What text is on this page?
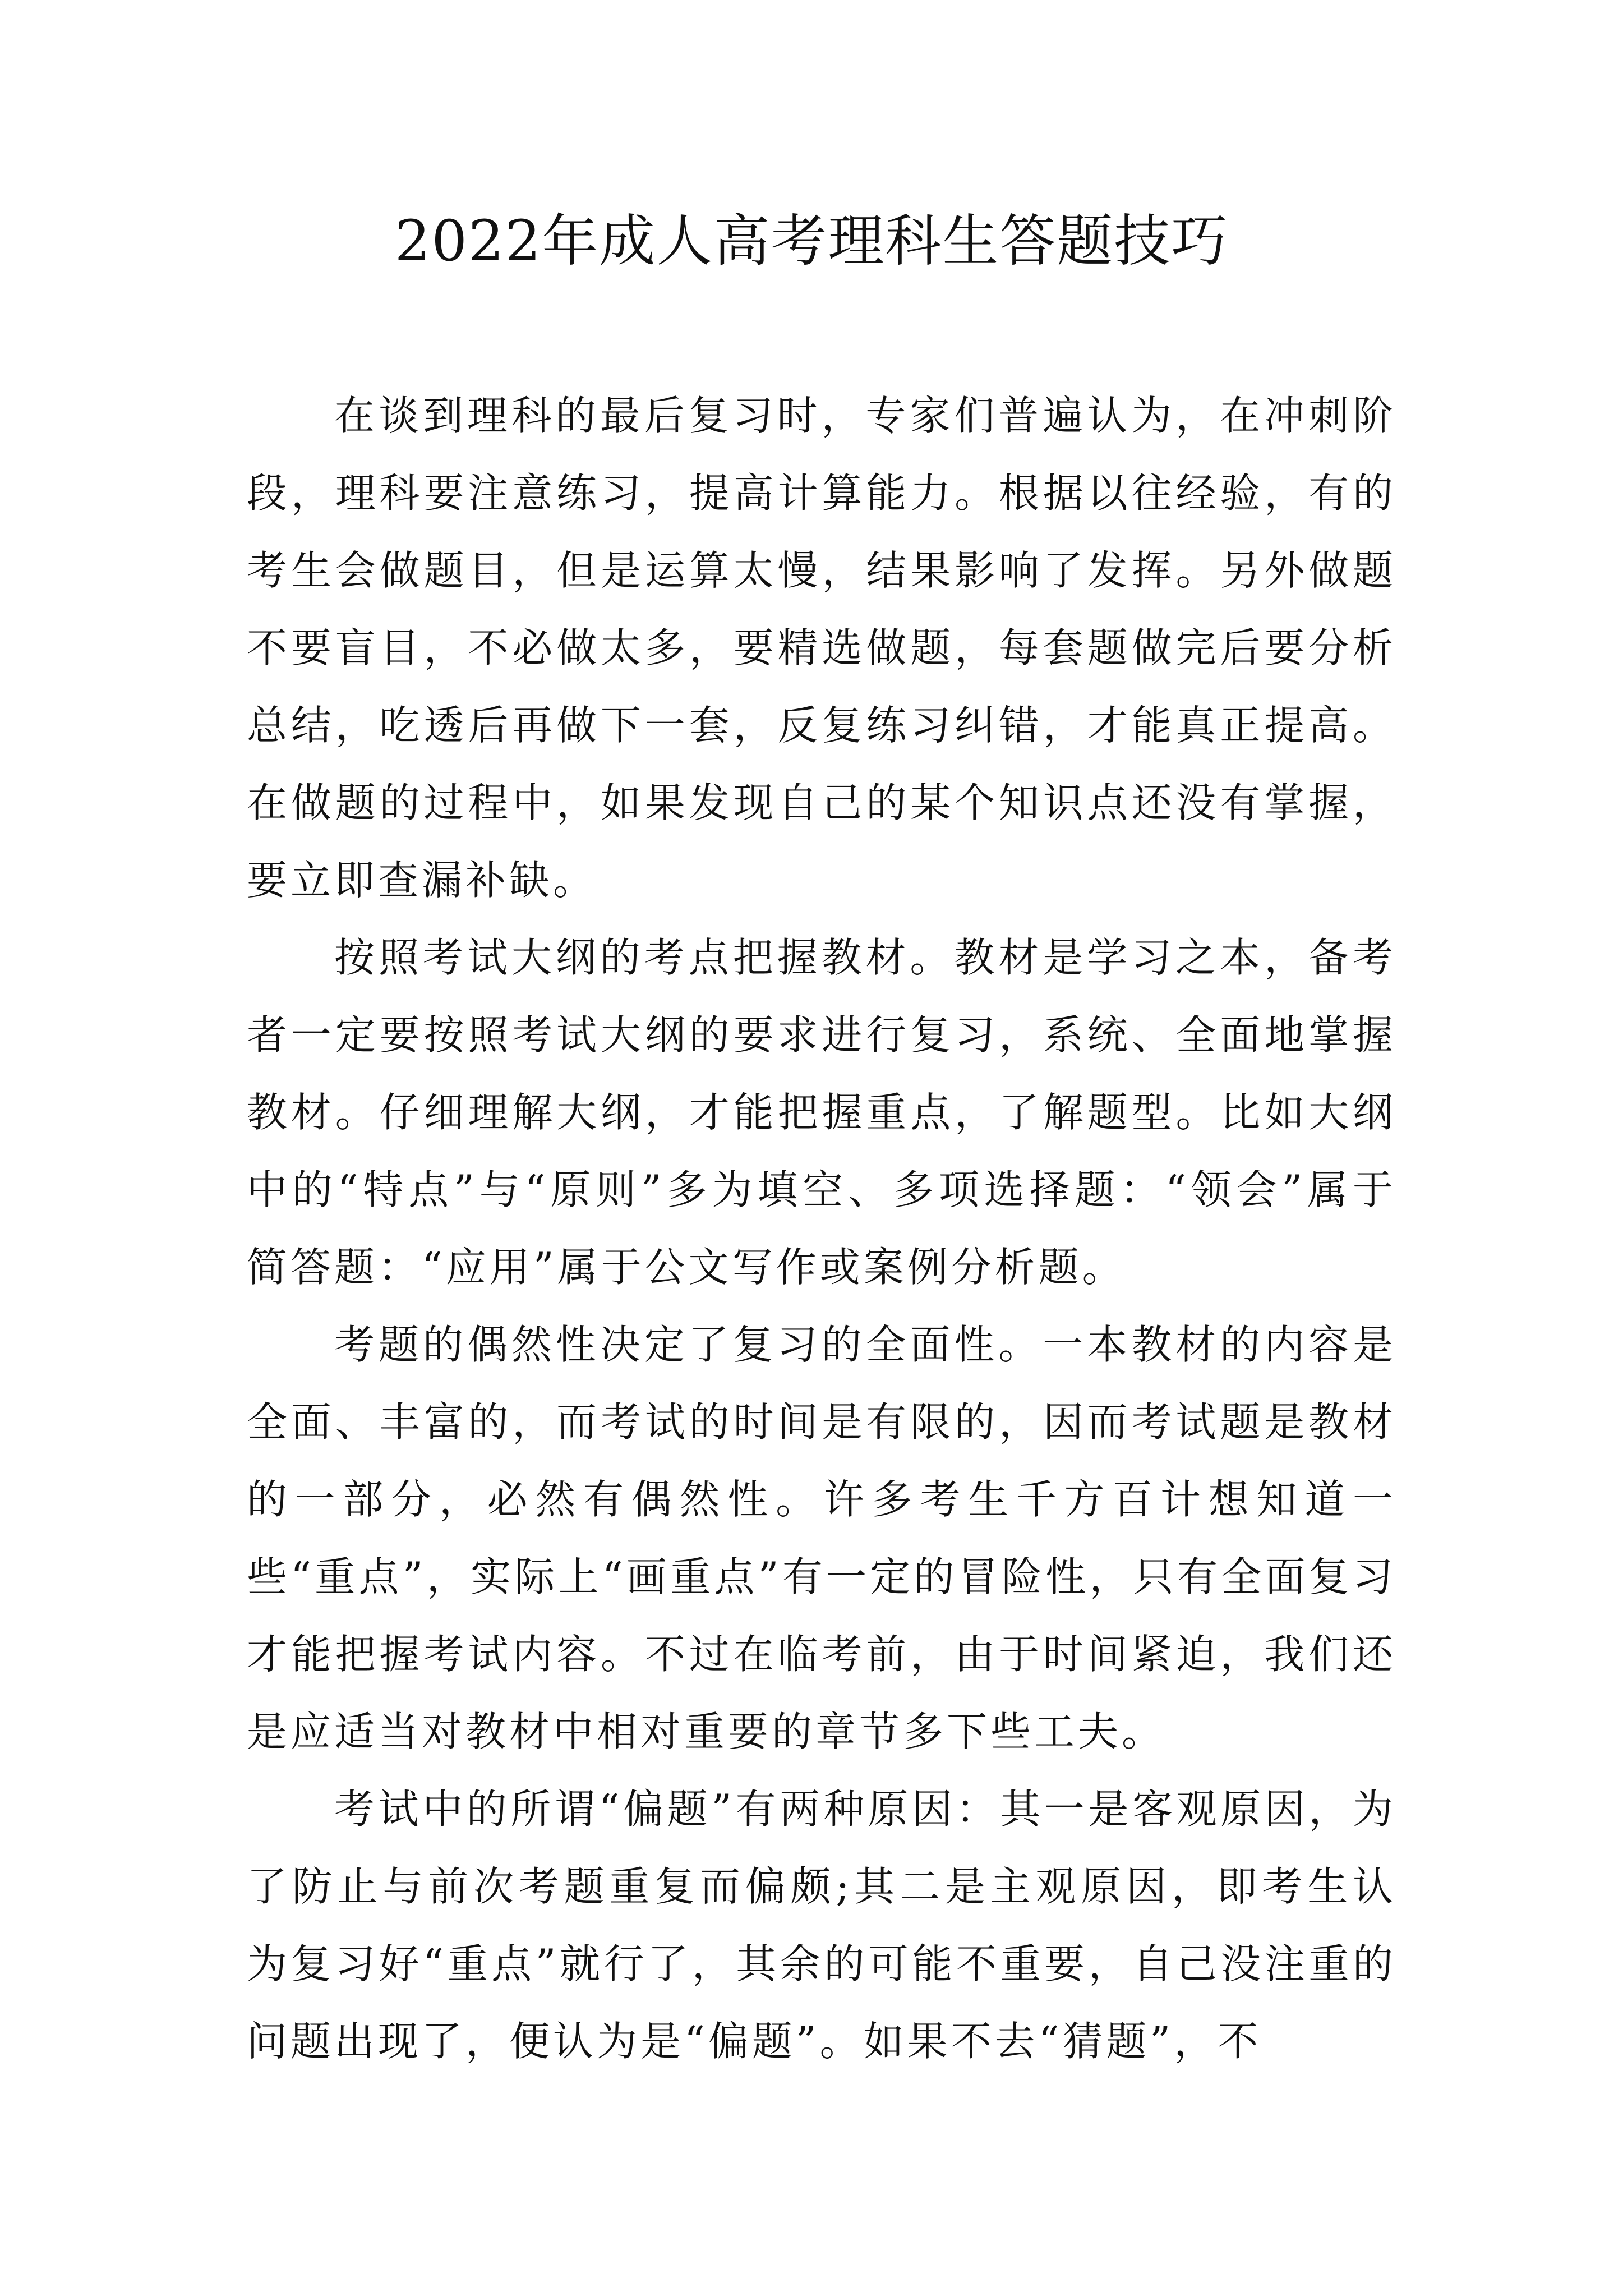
2022年成人高考理科生答题技巧

在谈到理科的最后复习时，专家们普遍认为，在冲刺阶段，理科要注意练习，提高计算能力。根据以往经验，有的考生会做题目，但是运算太慢，结果影响了发挥。另外做题不要盲目，不必做太多，要精选做题，每套题做完后要分析总结，吃透后再做下一套，反复练习纠错，才能真正提高。在做题的过程中，如果发现自己的某个知识点还没有掌握，要立即查漏补缺。

按照考试大纲的考点把握教材。教材是学习之本，备考者一定要按照考试大纲的要求进行复习，系统、全面地掌握教材。仔细理解大纲，才能把握重点，了解题型。比如大纲中的“特点”与“原则”多为填空、多项选择题：“领会”属于简答题：“应用”属于公文写作或案例分析题。

考题的偶然性决定了复习的全面性。一本教材的内容是全面、丰富的，而考试的时间是有限的，因而考试题是教材的一部分，必然有偶然性。许多考生千方百计想知道一些“重点”，实际上“画重点”有一定的冒险性，只有全面复习才能把握考试内容。不过在临考前，由于时间紧迫，我们还是应适当对教材中相对重要的章节多下些工夫。

考试中的所谓“偏题”有两种原因：其一是客观原因，为了防止与前次考题重复而偏颇;其二是主观原因，即考生认为复习好“重点”就行了，其余的可能不重要，自己没注重的问题出现了，便认为是“偏题”。如果不去“猜题”，不
